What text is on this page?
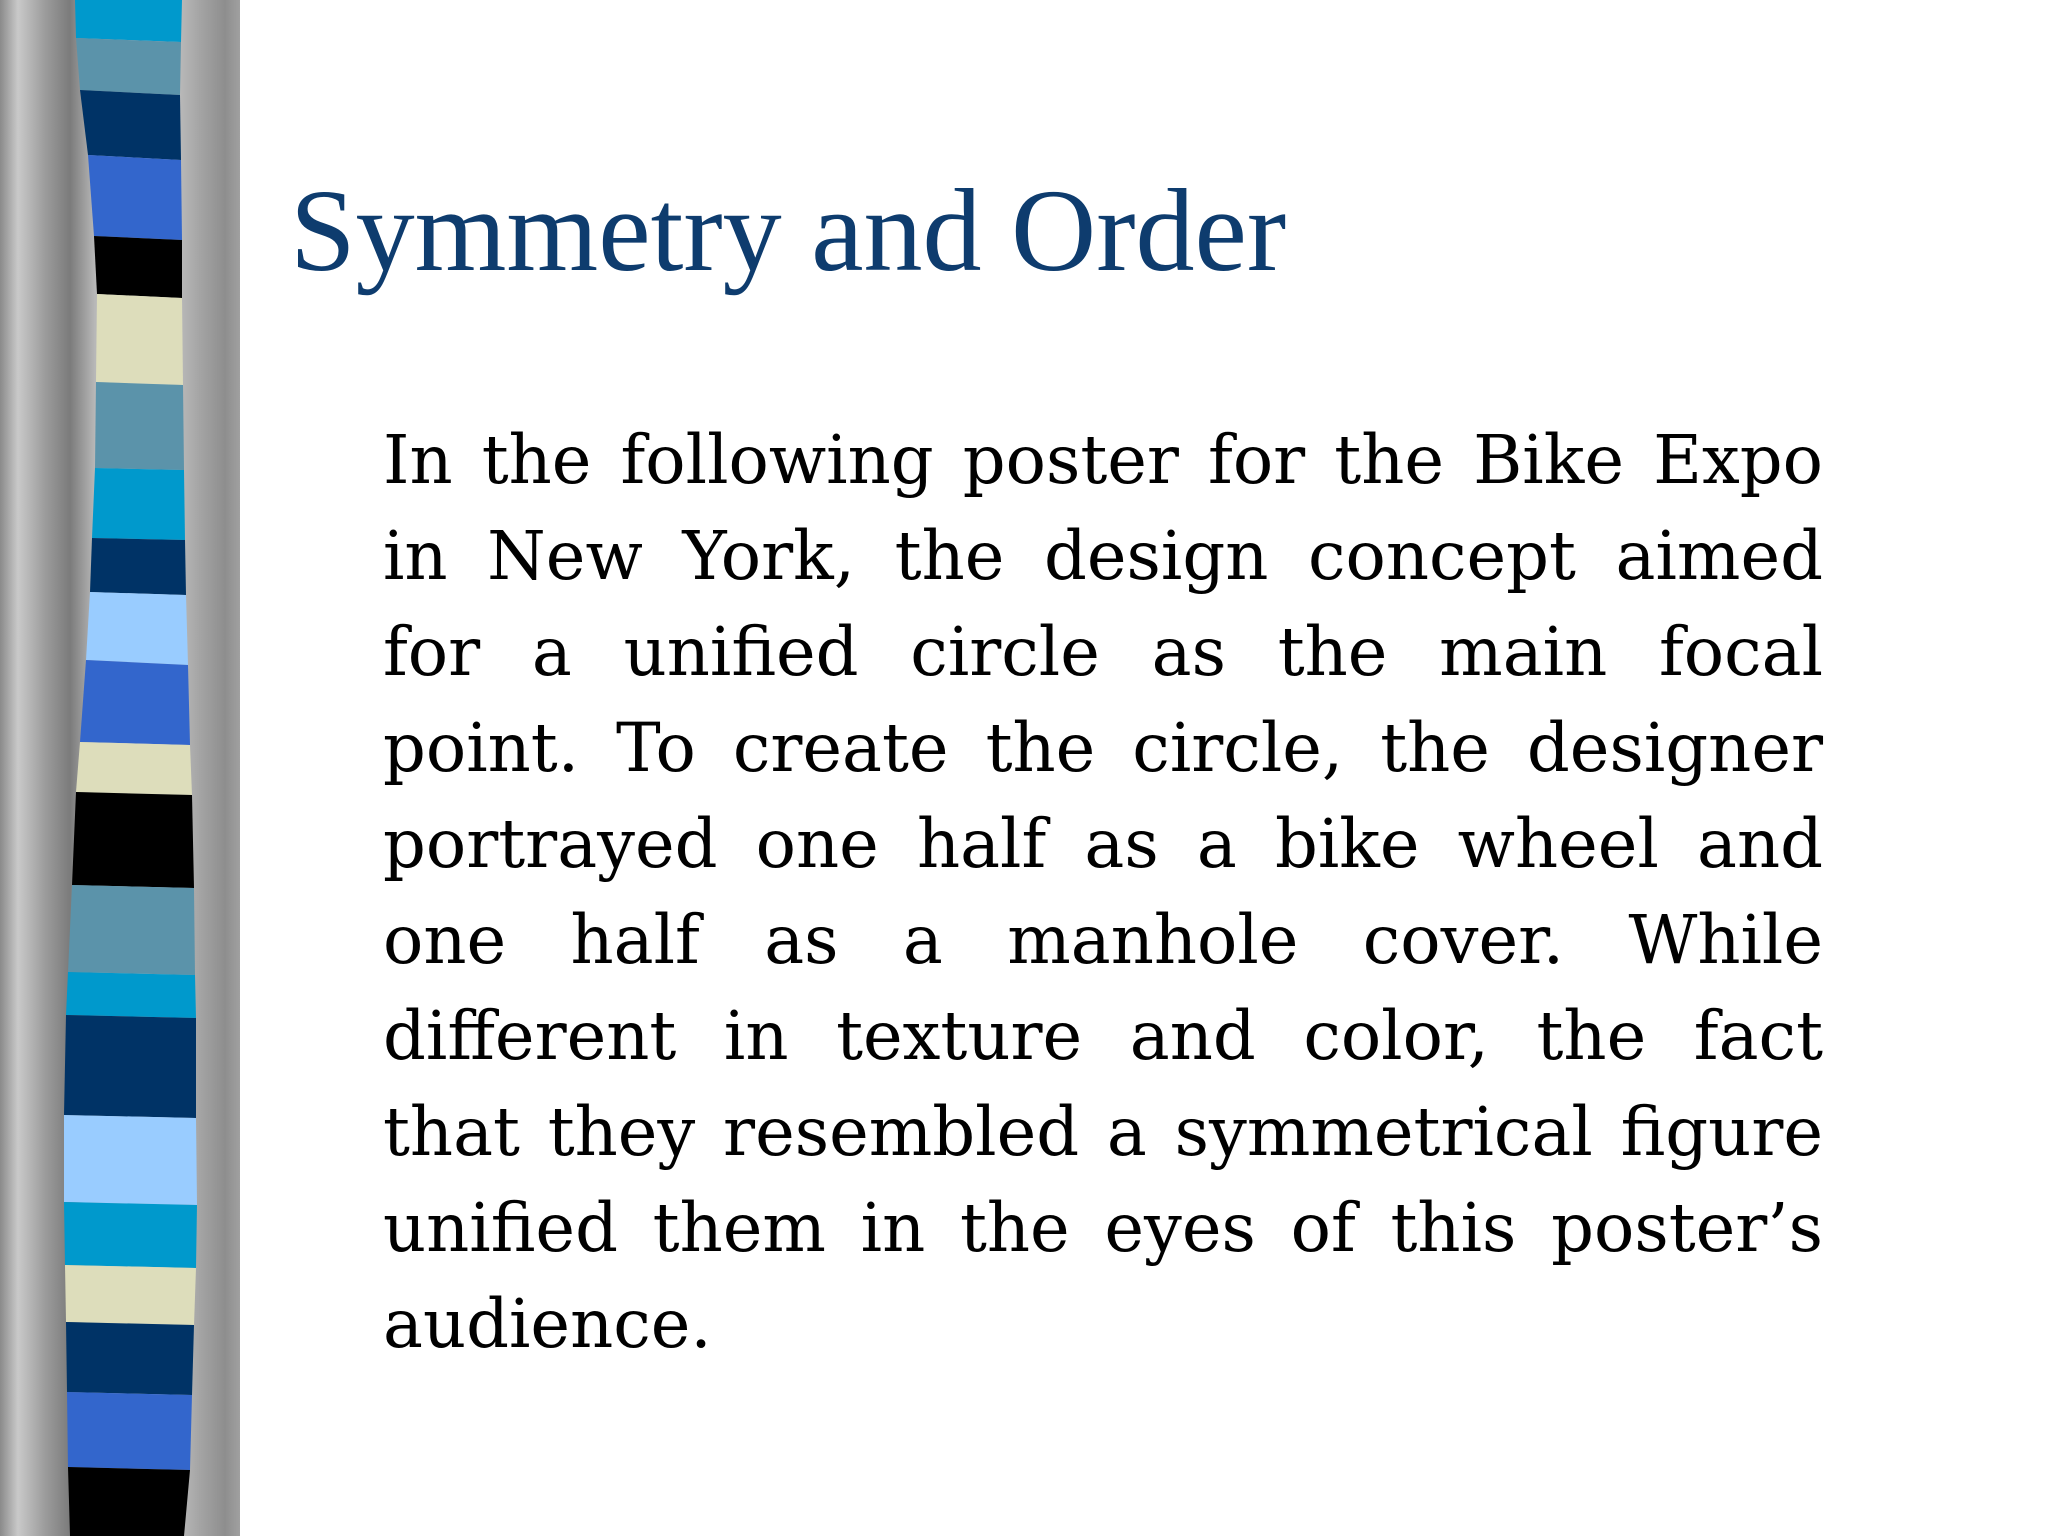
Symmetry and Order

In the following poster for the Bike Expo in New York, the design concept aimed for a unified circle as the main focal point. To create the circle, the designer portrayed one half as a bike wheel and one half as a manhole cover. While different in texture and color, the fact that they resembled a symmetrical figure unified them in the eyes of this poster’s audience.
